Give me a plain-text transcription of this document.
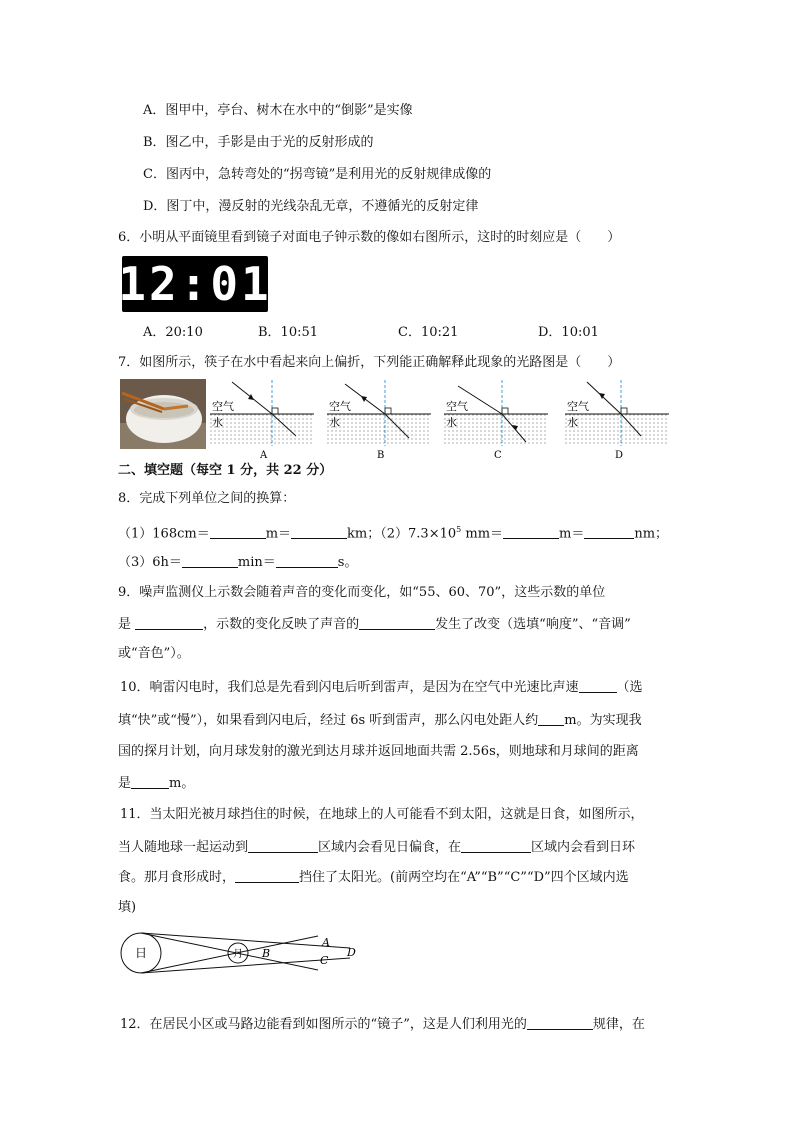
A．图甲中，亭台、树木在水中的“倒影”是实像
B．图乙中，手影是由于光的反射形成的
C．图丙中，急转弯处的“拐弯镜”是利用光的反射规律成像的
D．图丁中，漫反射的光线杂乱无章，不遵循光的反射定律
6．小明从平面镜里看到镜子对面电子钟示数的像如右图所示，这时的时刻应是（　　）
12:01
A．20:10	B．10:51	C．10:21	D．10:01
7．如图所示，筷子在水中看起来向上偏折，下列能正确解释此现象的光路图是（　　）
空气
水
A
空气
水
B
空气
水
C
空气
水
D
二、填空题（每空 1 分，共 22 分）
8．完成下列单位之间的换算：
（1）168cm＝	m＝	km；$(2)7.3\times 10^5$ mm＝	m＝	nm；
（3）6h＝	min＝	s。
9．噪声监测仪上示数会随着声音的变化而变化，如“55、60、70”，这些示数的单位
是	，示数的变化反映了声音的	发生了改变（选填“响度”、“音调”
或“音色”）。
10．响雷闪电时，我们总是先看到闪电后听到雷声，是因为在空气中光速比声速	（选
填“快”或“慢”），如果看到闪电后，经过 6s 听到雷声，那么闪电处距人约 m。为实现我
国的探月计划，向月球发射的激光到达月球并返回地面共需 2.56s，则地球和月球间的距离
是	m。
11．当太阳光被月球挡住的时候，在地球上的人可能看不到太阳，这就是日食，如图所示，
当人随地球一起运动到	区域内会看见日偏食，在	区域内会看到日环
食。那月食形成时，	挡住了太阳光。(前两空均在“A”“B”“C”“D”四个区域内选
填)
日	月
A
B
C
D
12．在居民小区或马路边能看到如图所示的“镜子”，这是人们利用光的	规律，在
